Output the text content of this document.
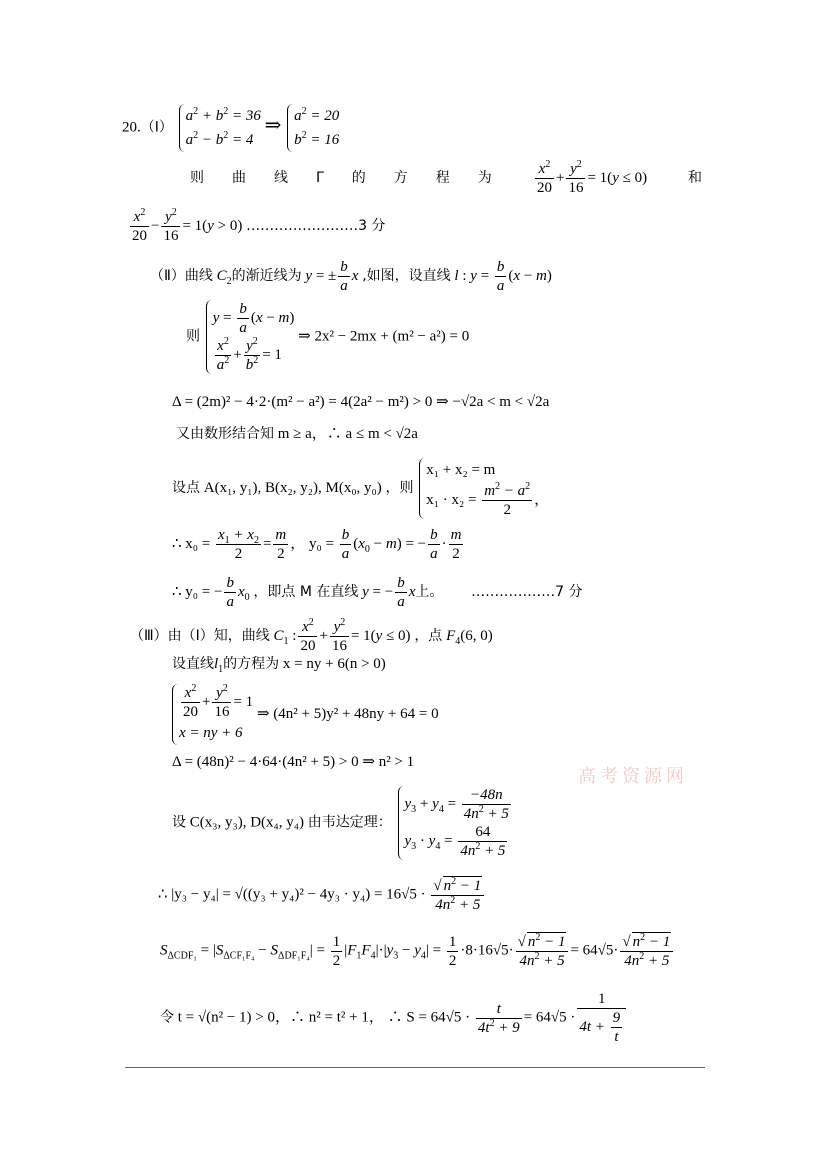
20.（Ⅰ）
$a^2 + b^2 = 36$
$a^2 - b^2 = 4$
⇒ $a^2 = 20$
$b^2 = 16$
则　　曲　　线　　Γ　　的　　方　　程　　为	$\frac{x^2}{20} + \frac{y^2}{16} = 1(y \le 0)$	和
$\frac{x^2}{20} - \frac{y^2}{16} = 1(y > 0)$ ……………………3 分
（Ⅱ）曲线 $C_2$的渐近线为 y = ± $\frac{b}{a}$ x ,如图，设直线 l : $y = \frac{b}{a} (x - m)$
则
$y = \frac{b}{a} (x - m)$
$\frac{x^2}{a^2} + \frac{y^2}{b^2} = 1$
⇒ 2x² − 2mx + (m² − a²) = 0
Δ = (2m)² − 4·2·(m² − a²) = 4(2a² − m²) > 0 ⇒ −√2a < m < √2a
又由数形结合知 m ≥ a，∴ a ≤ m < √2a
设点 A(x₁, y₁), B(x₂, y₂), M(x₀, y₀) ，则
x₁ + x₂ = m
$x_1 \cdot x_2 = \frac{m^2 - a^2}{2}$ ，
∴ $x_0 = \frac{x_1 + x_2}{2} = \frac{m}{2}$ ， $y_0 = \frac{b}{a} (x_0 - m)$ = − $\frac{b}{a} \cdot \frac{m}{2}$
∴ y₀ = − $\frac{b}{a} x_0$ ，即点 M 在直线 y = − $\frac{b}{a}$ x上。 ………………7 分
（Ⅲ）由（Ⅰ）知，曲线 $C_1$ : $\frac{x^2}{20} + \frac{y^2}{16} = 1(y \le 0)$ ，点 $F_4(6$, 0)
设直线$l_1$的方程为 x = ny + 6(n > 0)
$\frac{x^2}{20} + \frac{y^2}{16} = 1$
x = ny + 6
⇒ (4n² + 5)y² + 48ny + 64 = 0
Δ = (48n)² − 4·64·(4n² + 5) > 0 ⇒ n² > 1
设 C(x₃, y₃), D(x₄, y₄) 由韦达定理：
$y_3 + y_4 = \frac{-48n}{4n^2 + 5}$
$y_3 \cdot y_4 = \frac{64}{4n^2 + 5}$
∴ $|y_3 - y_4| = √((y_3 + y_4)^2 - 4y_3 \cdot y_4) = 16√5 \cdot \frac{√ n^2 - 1}{4n^2 + 5}$
$S_{\Delta CDF_1} = |S_{\Delta CF_1F_4} - S_{\Delta DF_1F_4}| = \frac{1}{2} |F_1F_4|\cdot|y_3 - y_4| = \frac{1}{2} \cdot 8\cdot 16√5\cdot \frac{√ n^2 - 1}{4n^2 + 5} = 64√5\cdot \frac{√ n^2 - 1}{4n^2 + 5}$
令 t = √(n² − 1) > 0，∴ n² = t² + 1， ∴ $S = 64√5 \cdot \frac{t}{4t^2 + 9} = 64√5 \cdot \frac{1}{4t + \frac{9}{t}}$
高考资源网
